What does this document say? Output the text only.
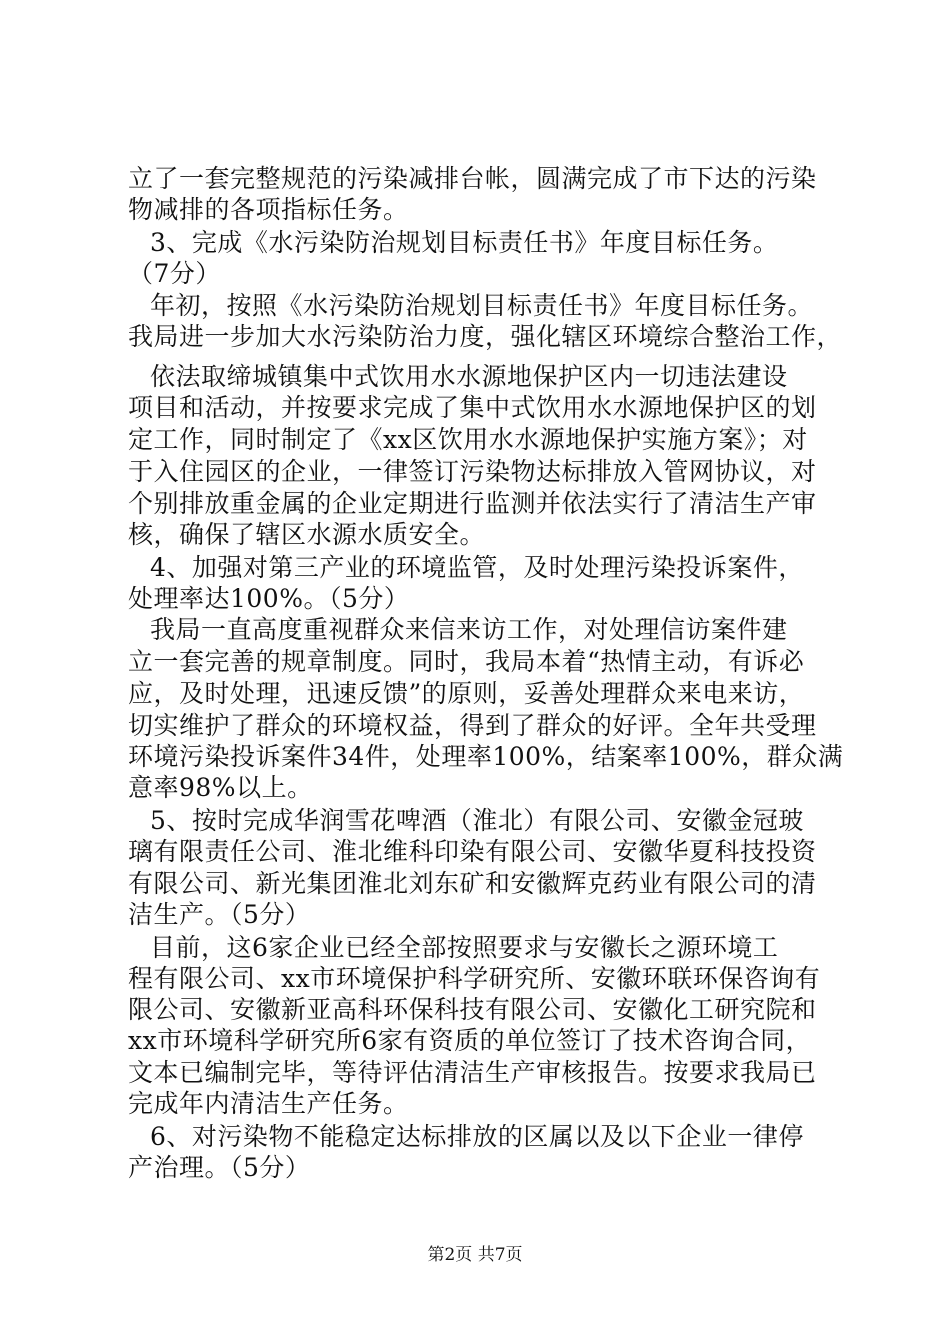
立了一套完整规范的污染减排台帐，圆满完成了市下达的污染
物减排的各项指标任务。
3、完成《水污染防治规划目标责任书》年度目标任务。
（7分）
年初，按照《水污染防治规划目标责任书》年度目标任务。
我局进一步加大水污染防治力度，强化辖区环境综合整治工作，
依法取缔城镇集中式饮用水水源地保护区内一切违法建设
项目和活动，并按要求完成了集中式饮用水水源地保护区的划
定工作，同时制定了《xx区饮用水水源地保护实施方案》；对
于入住园区的企业，一律签订污染物达标排放入管网协议，对
个别排放重金属的企业定期进行监测并依法实行了清洁生产审
核，确保了辖区水源水质安全。
4、加强对第三产业的环境监管，及时处理污染投诉案件，
处理率达100%。（5分）
我局一直高度重视群众来信来访工作，对处理信访案件建
立一套完善的规章制度。同时，我局本着“热情主动，有诉必
应，及时处理，迅速反馈”的原则，妥善处理群众来电来访，
切实维护了群众的环境权益，得到了群众的好评。全年共受理
环境污染投诉案件34件，处理率100%，结案率100%，群众满
意率98%以上。
5、按时完成华润雪花啤酒（淮北）有限公司、安徽金冠玻
璃有限责任公司、淮北维科印染有限公司、安徽华夏科技投资
有限公司、新光集团淮北刘东矿和安徽辉克药业有限公司的清
洁生产。（5分）
目前，这6家企业已经全部按照要求与安徽长之源环境工
程有限公司、xx市环境保护科学研究所、安徽环联环保咨询有
限公司、安徽新亚高科环保科技有限公司、安徽化工研究院和
xx市环境科学研究所6家有资质的单位签订了技术咨询合同，
文本已编制完毕，等待评估清洁生产审核报告。按要求我局已
完成年内清洁生产任务。
6、对污染物不能稳定达标排放的区属以及以下企业一律停
产治理。（5分）
第2页 共7页
